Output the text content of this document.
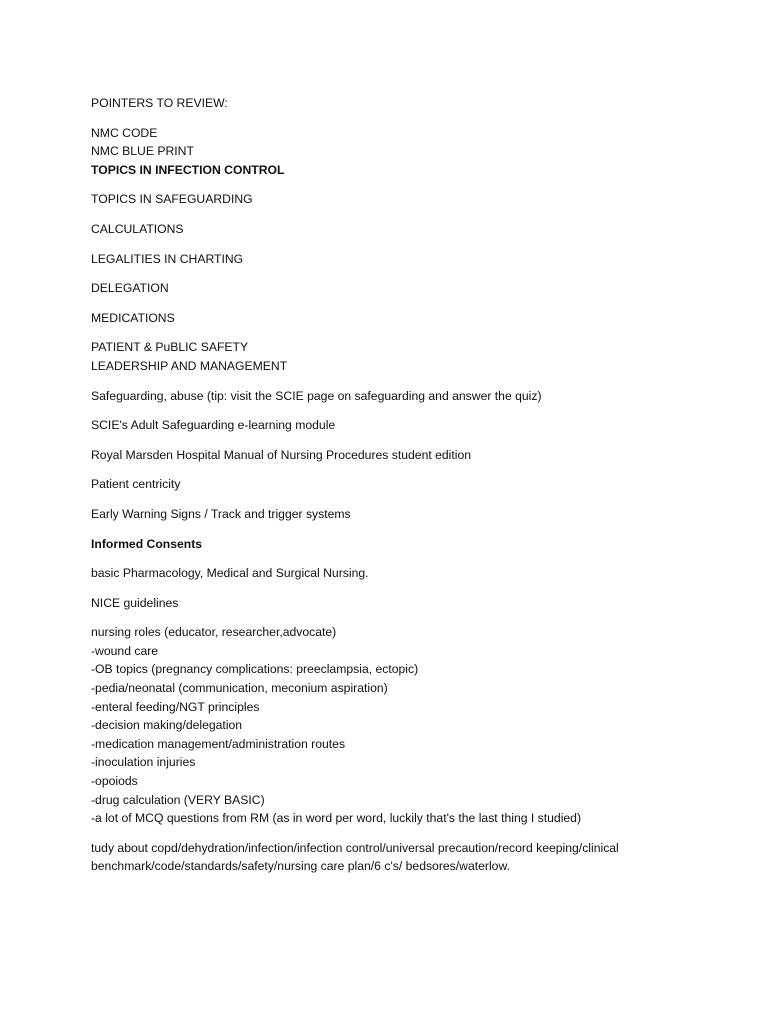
POINTERS TO REVIEW:

NMC CODE

NMC BLUE PRINT

TOPICS IN INFECTION CONTROL

TOPICS IN SAFEGUARDING

CALCULATIONS

LEGALITIES IN CHARTING

DELEGATION

MEDICATIONS

PATIENT & PuBLIC SAFETY

LEADERSHIP AND MANAGEMENT

Safeguarding, abuse (tip: visit the SCIE page on safeguarding and answer the quiz)

SCIE's Adult Safeguarding e-learning module

Royal Marsden Hospital Manual of Nursing Procedures student edition

Patient centricity

Early Warning Signs / Track and trigger systems

Informed Consents

basic Pharmacology, Medical and Surgical Nursing.

NICE guidelines

nursing roles (educator, researcher,advocate)

-wound care

-OB topics (pregnancy complications: preeclampsia, ectopic)

-pedia/neonatal (communication, meconium aspiration)

-enteral feeding/NGT principles

-decision making/delegation

-medication management/administration routes

-inoculation injuries

-opoiods

-drug calculation (VERY BASIC)

-a lot of MCQ questions from RM (as in word per word, luckily that's the last thing I studied)

tudy about copd/dehydration/infection/infection control/universal precaution/record keeping/clinical benchmark/code/standards/safety/nursing care plan/6 c's/ bedsores/waterlow.
